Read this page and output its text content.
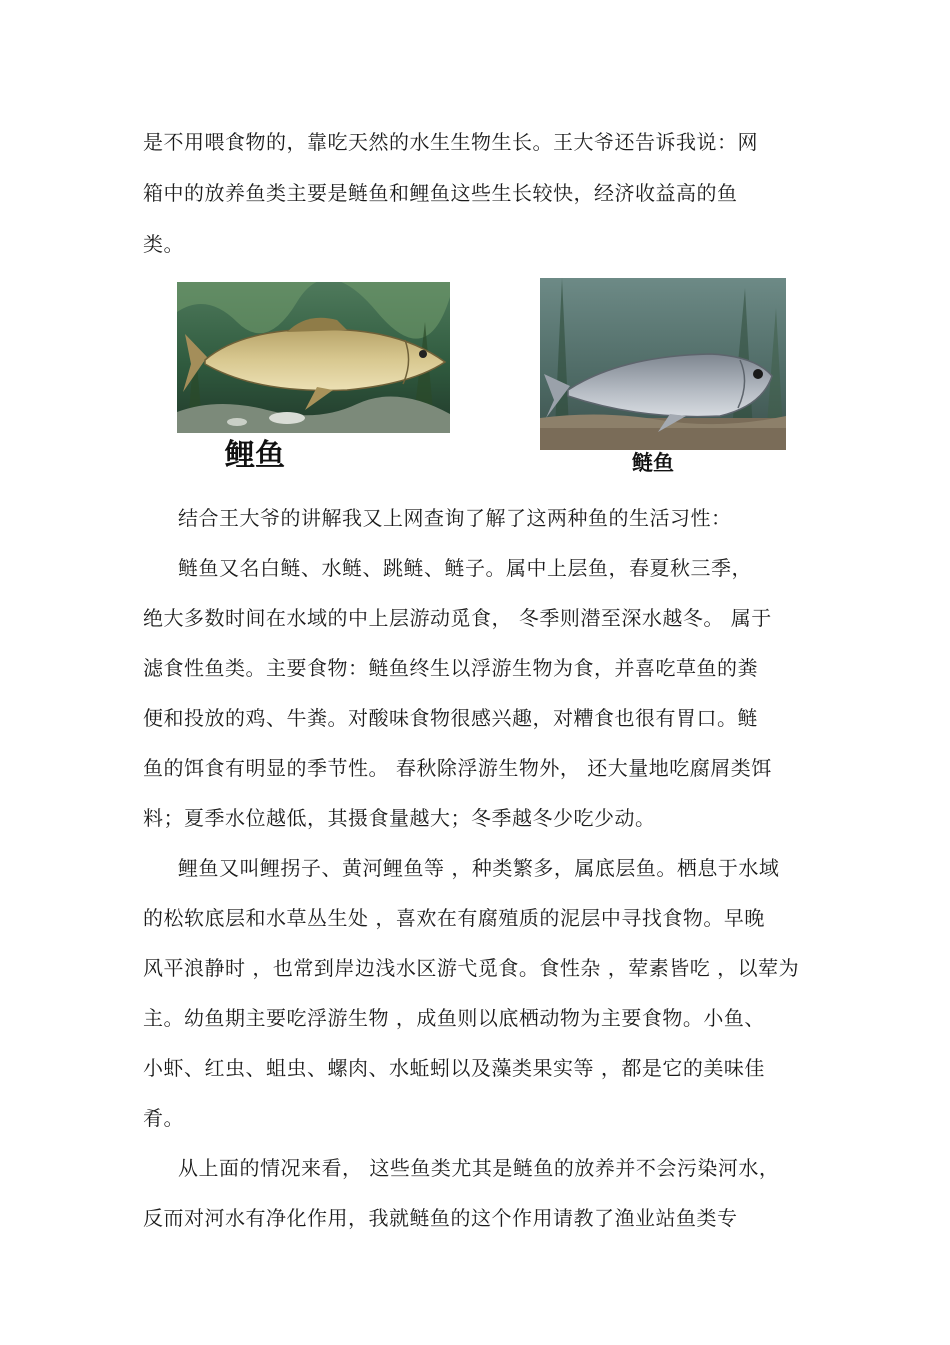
是不用喂食物的，靠吃天然的水生生物生长。王大爷还告诉我说：网
箱中的放养鱼类主要是鲢鱼和鲤鱼这些生长较快，经济收益高的鱼
类。
鲤鱼	鲢鱼
结合王大爷的讲解我又上网查询了解了这两种鱼的生活习性：
鲢鱼又名白鲢、水鲢、跳鲢、鲢子。属中上层鱼，春夏秋三季，
绝大多数时间在水域的中上层游动觅食， 冬季则潜至深水越冬。 属于
滤食性鱼类。主要食物：鲢鱼终生以浮游生物为食，并喜吃草鱼的粪
便和投放的鸡、牛粪。对酸味食物很感兴趣，对糟食也很有胃口。鲢
鱼的饵食有明显的季节性。 春秋除浮游生物外， 还大量地吃腐屑类饵
料；夏季水位越低，其摄食量越大；冬季越冬少吃少动。
鲤鱼又叫鲤拐子、黄河鲤鱼等 ，种类繁多，属底层鱼。栖息于水域
的松软底层和水草丛生处 ，喜欢在有腐殖质的泥层中寻找食物。早晚
风平浪静时 ，也常到岸边浅水区游弋觅食。食性杂 ，荤素皆吃 ，以荤为
主。幼鱼期主要吃浮游生物 ，成鱼则以底栖动物为主要食物。小鱼、
小虾、红虫、蛆虫、螺肉、水蚯蚓以及藻类果实等 ，都是它的美味佳
肴。
从上面的情况来看， 这些鱼类尤其是鲢鱼的放养并不会污染河水，
反而对河水有净化作用，我就鲢鱼的这个作用请教了渔业站鱼类专
